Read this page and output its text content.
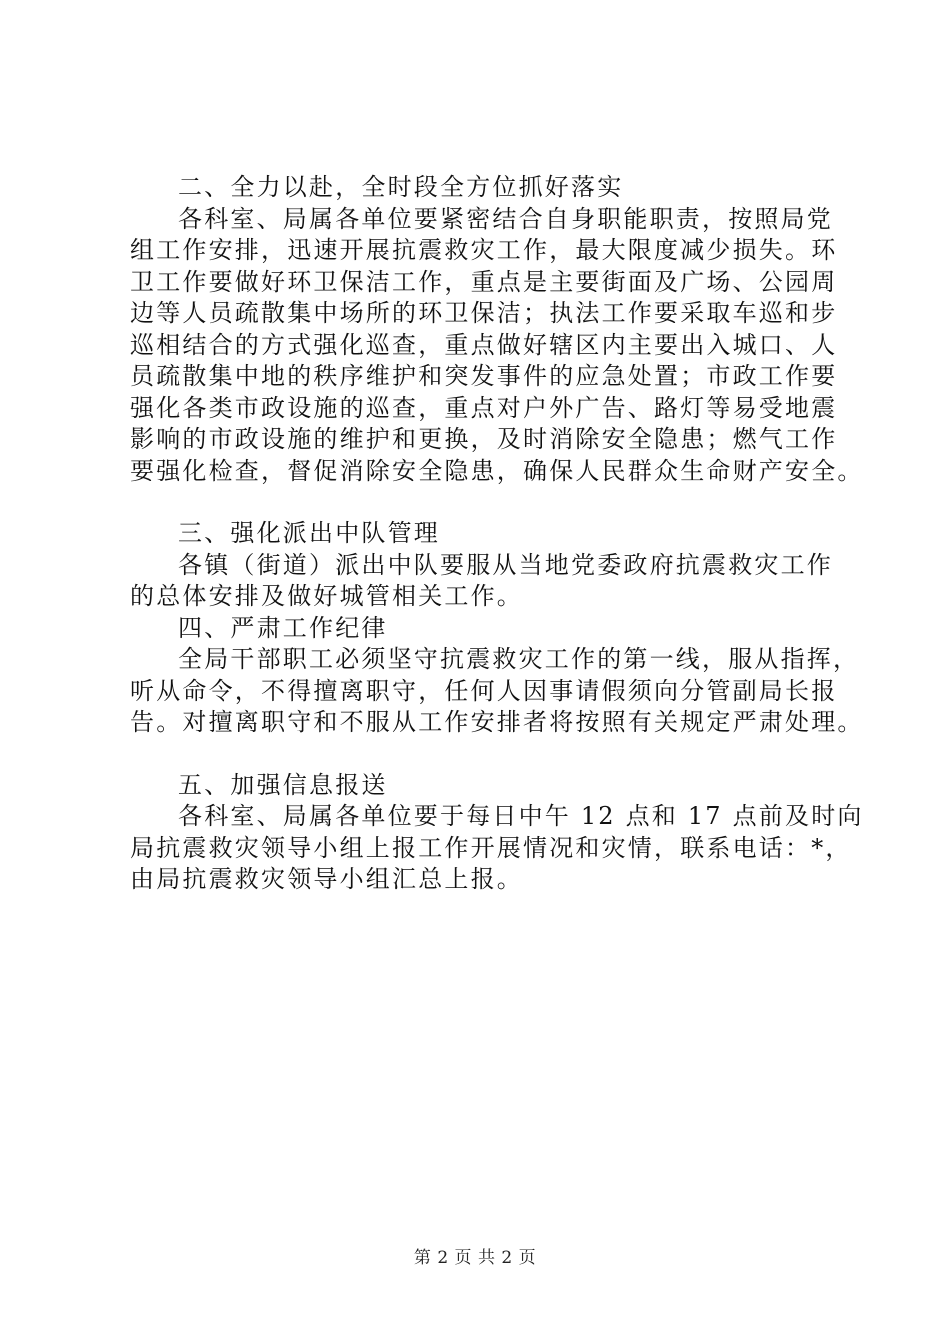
二、全力以赴，全时段全方位抓好落实
各科室、局属各单位要紧密结合自身职能职责，按照局党
组工作安排，迅速开展抗震救灾工作，最大限度减少损失。环
卫工作要做好环卫保洁工作，重点是主要街面及广场、公园周
边等人员疏散集中场所的环卫保洁；执法工作要采取车巡和步
巡相结合的方式强化巡查，重点做好辖区内主要出入城口、人
员疏散集中地的秩序维护和突发事件的应急处置；市政工作要
强化各类市政设施的巡查，重点对户外广告、路灯等易受地震
影响的市政设施的维护和更换，及时消除安全隐患；燃气工作
要强化检查，督促消除安全隐患，确保人民群众生命财产安全。
三、强化派出中队管理
各镇（街道）派出中队要服从当地党委政府抗震救灾工作
的总体安排及做好城管相关工作。
四、严肃工作纪律
全局干部职工必须坚守抗震救灾工作的第一线，服从指挥，
听从命令，不得擅离职守，任何人因事请假须向分管副局长报
告。对擅离职守和不服从工作安排者将按照有关规定严肃处理。
五、加强信息报送
各科室、局属各单位要于每日中午 12 点和 17 点前及时向
局抗震救灾领导小组上报工作开展情况和灾情，联系电话：*，
由局抗震救灾领导小组汇总上报。
第 2 页 共 2 页
